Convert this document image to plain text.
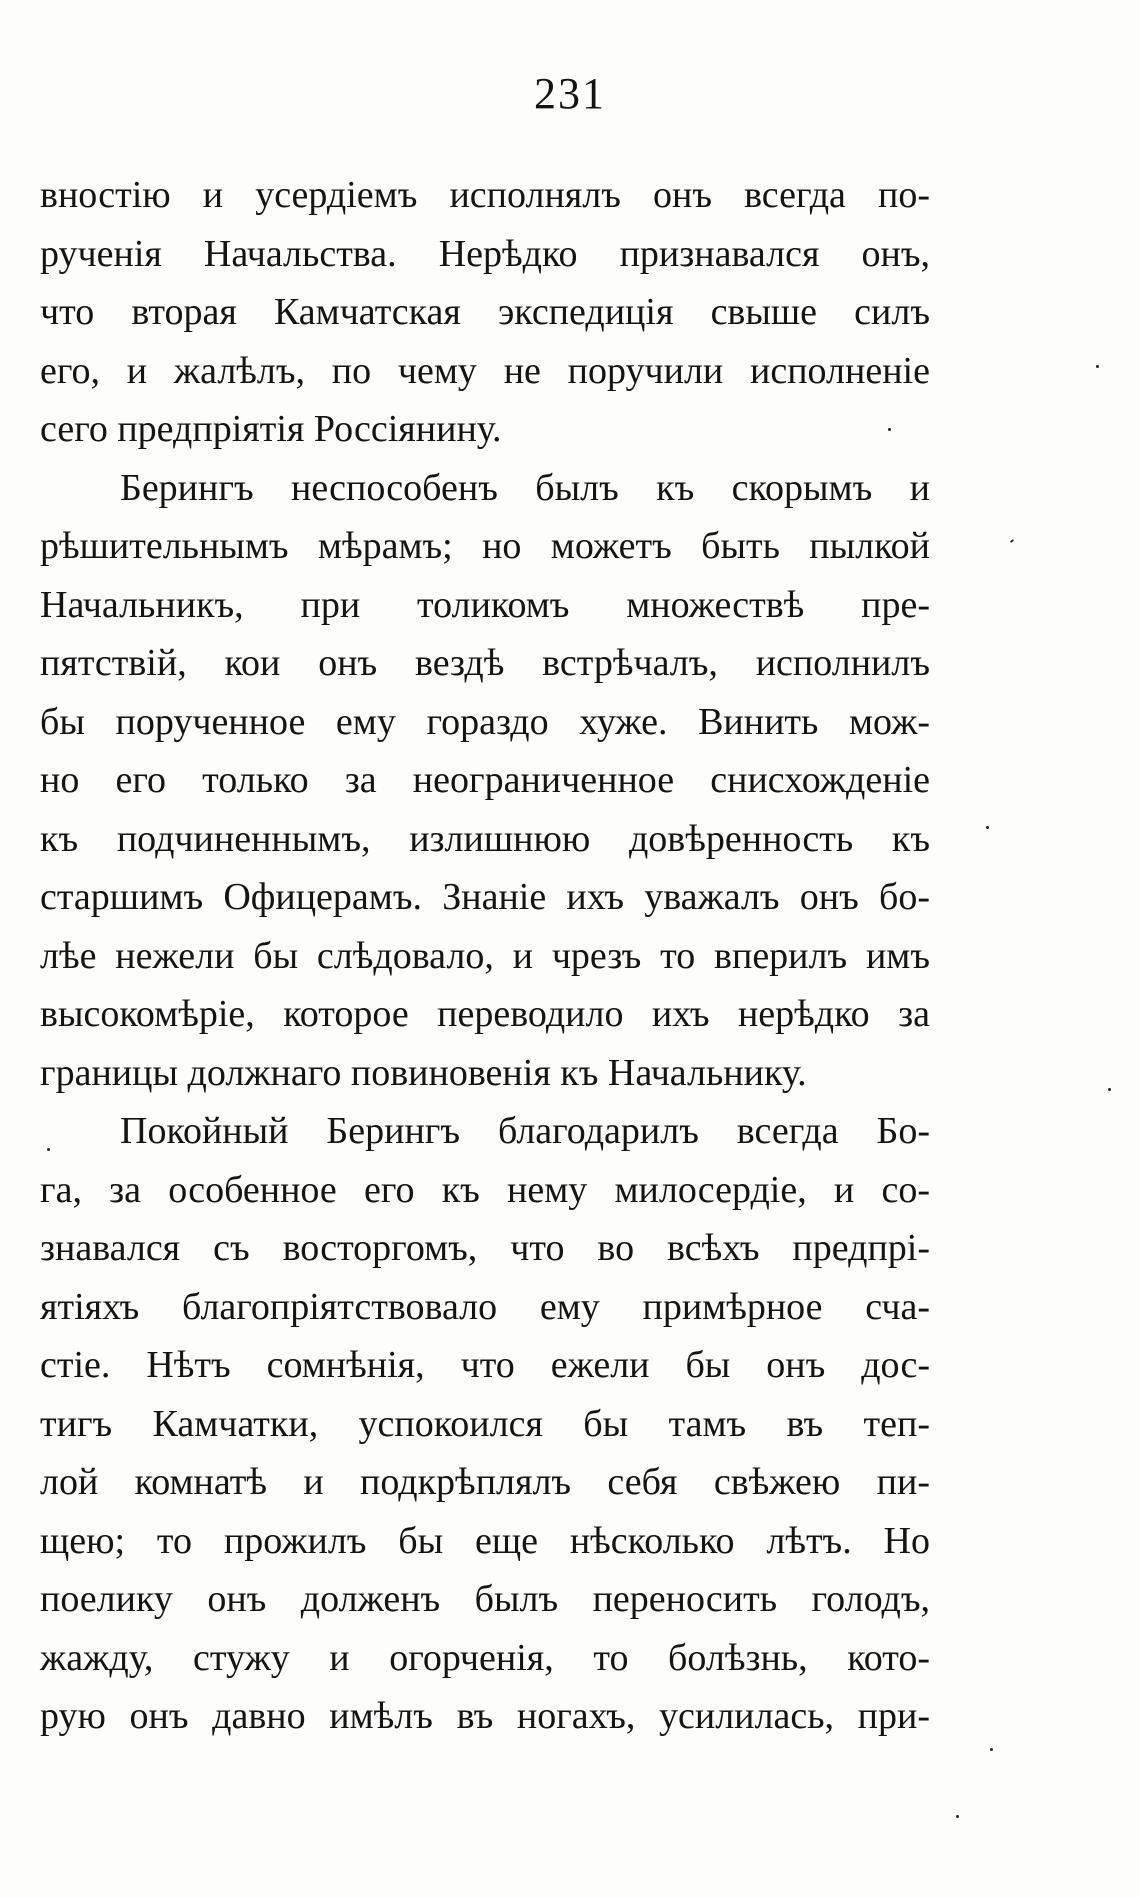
231
вностію и усердіемъ исполнялъ онъ всегда по-
рученія Начальства. Нерѣдко признавался онъ,
что вторая Камчатская экспедиція свыше силъ
его, и жалѣлъ, по чему не поручили исполненіе
сего предпріятія Россіянину.
Берингъ неспособенъ былъ къ скорымъ и
рѣшительнымъ мѣрамъ; но можетъ быть пылкой
Начальникъ, при толикомъ множествѣ пре-
пятствій, кои онъ вездѣ встрѣчалъ, исполнилъ
бы порученное ему гораздо хуже. Винить мож-
но его только за неограниченное снисхожденіе
къ подчиненнымъ, излишнюю довѣренность къ
старшимъ Офицерамъ. Знаніе ихъ уважалъ онъ бо-
лѣе нежели бы слѣдовало, и чрезъ то вперилъ имъ
высокомѣріе, которое переводило ихъ нерѣдко за
границы должнаго повиновенія къ Начальнику.
Покойный Берингъ благодарилъ всегда Бо-
га, за особенное его къ нему милосердіе, и со-
знавался съ восторгомъ, что во всѣхъ предпрі-
ятіяхъ благопріятствовало ему примѣрное сча-
стіе. Нѣтъ сомнѣнія, что ежели бы онъ дос-
тигъ Камчатки, успокоился бы тамъ въ теп-
лой комнатѣ и подкрѣплялъ себя свѣжею пи-
щею; то прожилъ бы еще нѣсколько лѣтъ. Но
поелику онъ долженъ былъ переносить голодъ,
жажду, стужу и огорченія, то болѣзнь, кото-
рую онъ давно имѣлъ въ ногахъ, усилилась, при-
